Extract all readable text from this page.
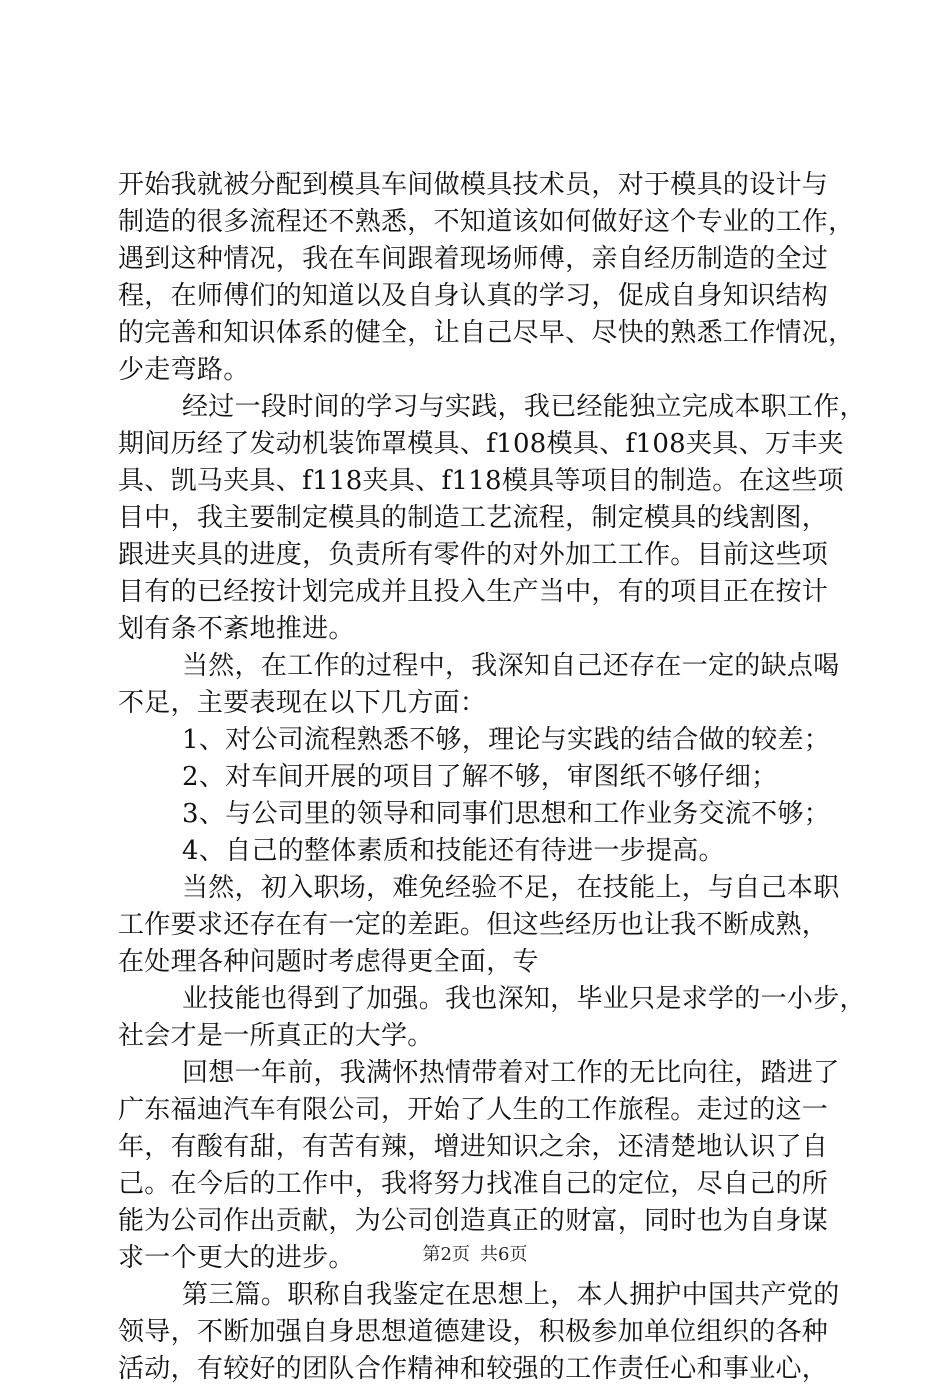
开始我就被分配到模具车间做模具技术员，对于模具的设计与
制造的很多流程还不熟悉，不知道该如何做好这个专业的工作，
遇到这种情况，我在车间跟着现场师傅，亲自经历制造的全过
程，在师傅们的知道以及自身认真的学习，促成自身知识结构
的完善和知识体系的健全，让自己尽早、尽快的熟悉工作情况，
少走弯路。
经过一段时间的学习与实践，我已经能独立完成本职工作，
期间历经了发动机装饰罩模具、f108模具、f108夹具、万丰夹
具、凯马夹具、f118夹具、f118模具等项目的制造。在这些项
目中，我主要制定模具的制造工艺流程，制定模具的线割图，
跟进夹具的进度，负责所有零件的对外加工工作。目前这些项
目有的已经按计划完成并且投入生产当中，有的项目正在按计
划有条不紊地推进。
当然，在工作的过程中，我深知自己还存在一定的缺点喝
不足，主要表现在以下几方面：
1、对公司流程熟悉不够，理论与实践的结合做的较差；
2、对车间开展的项目了解不够，审图纸不够仔细；
3、与公司里的领导和同事们思想和工作业务交流不够；
4、自己的整体素质和技能还有待进一步提高。
当然，初入职场，难免经验不足，在技能上，与自己本职
工作要求还存在有一定的差距。但这些经历也让我不断成熟，
在处理各种问题时考虑得更全面，专
业技能也得到了加强。我也深知，毕业只是求学的一小步，
社会才是一所真正的大学。
回想一年前，我满怀热情带着对工作的无比向往，踏进了
广东福迪汽车有限公司，开始了人生的工作旅程。走过的这一
年，有酸有甜，有苦有辣，增进知识之余，还清楚地认识了自
己。在今后的工作中，我将努力找准自己的定位，尽自己的所
能为公司作出贡献，为公司创造真正的财富，同时也为自身谋
求一个更大的进步。
第三篇。职称自我鉴定在思想上，本人拥护中国共产党的
领导，不断加强自身思想道德建设，积极参加单位组织的各种
活动，有较好的团队合作精神和较强的工作责任心和事业心，
第2页 共6页
